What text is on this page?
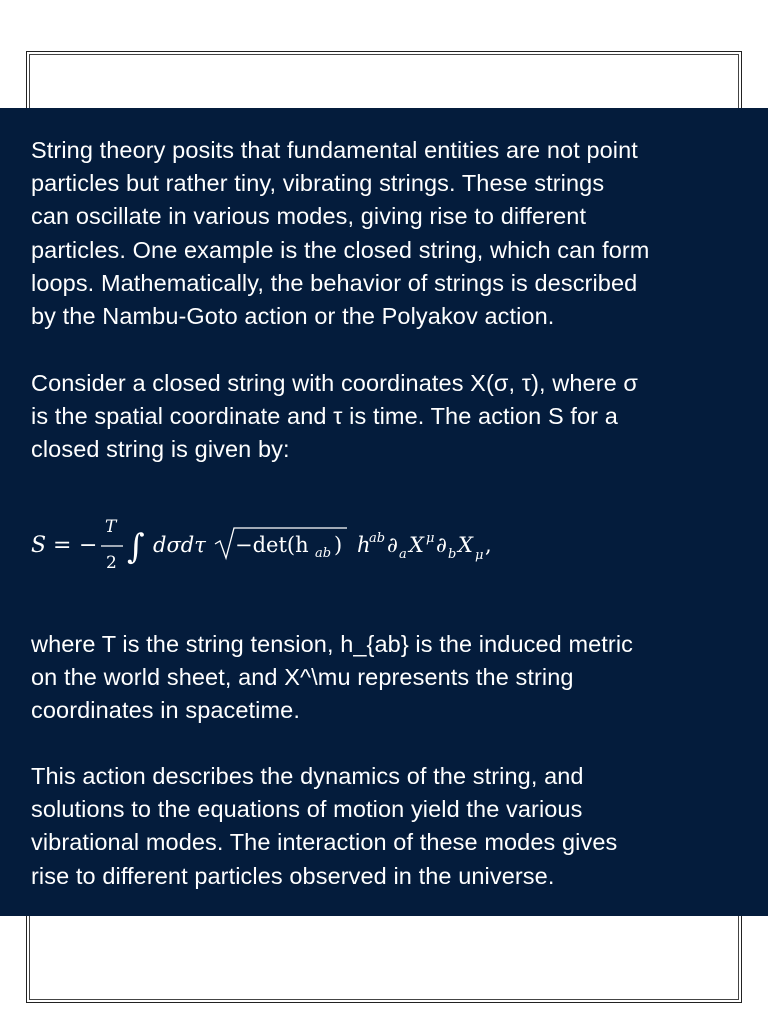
String theory posits that fundamental entities are not point
particles but rather tiny, vibrating strings. These strings
can oscillate in various modes, giving rise to different
particles. One example is the closed string, which can form
loops. Mathematically, the behavior of strings is described
by the Nambu-Goto action or the Polyakov action.

Consider a closed string with coordinates X(σ, τ), where σ
is the spatial coordinate and τ is time. The action S for a
closed string is given by:

where T is the string tension, h_{ab} is the induced metric
on the world sheet, and X^\mu represents the string
coordinates in spacetime.

This action describes the dynamics of the string, and
solutions to the equations of motion yield the various
vibrational modes. The interaction of these modes gives
rise to different particles observed in the universe.

S = −
T
2 ∫ dσdτ −det(h ab ) h
ab ∂ a X μ ∂ b X μ ,
